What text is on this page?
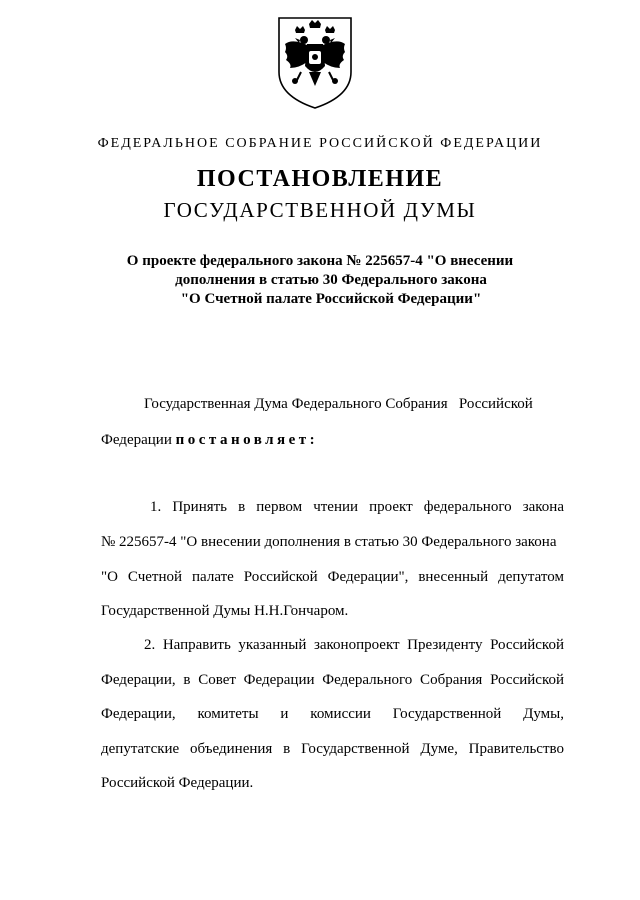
ФЕДЕРАЛЬНОЕ СОБРАНИЕ РОССИЙСКОЙ ФЕДЕРАЦИИ
ПОСТАНОВЛЕНИЕ
ГОСУДАРСТВЕННОЙ ДУМЫ
О проекте федерального закона № 225657-4 "О внесении
дополнения в статью 30 Федерального закона
"О Счетной палате Российской Федерации"
Государственная Дума Федерального Собрания   Российской
Федерации постановляет:
1. Принять в первом чтении проект федерального закона
№ 225657-4 "О внесении дополнения в статью 30 Федерального закона
"О Счетной палате Российской Федерации", внесенный депутатом
Государственной Думы Н.Н.Гончаром.
2. Направить указанный законопроект Президенту Российской
Федерации, в Совет Федерации Федерального Собрания Российской
Федерации, комитеты и комиссии Государственной Думы,
депутатские объединения в Государственной Думе, Правительство
Российской Федерации.
